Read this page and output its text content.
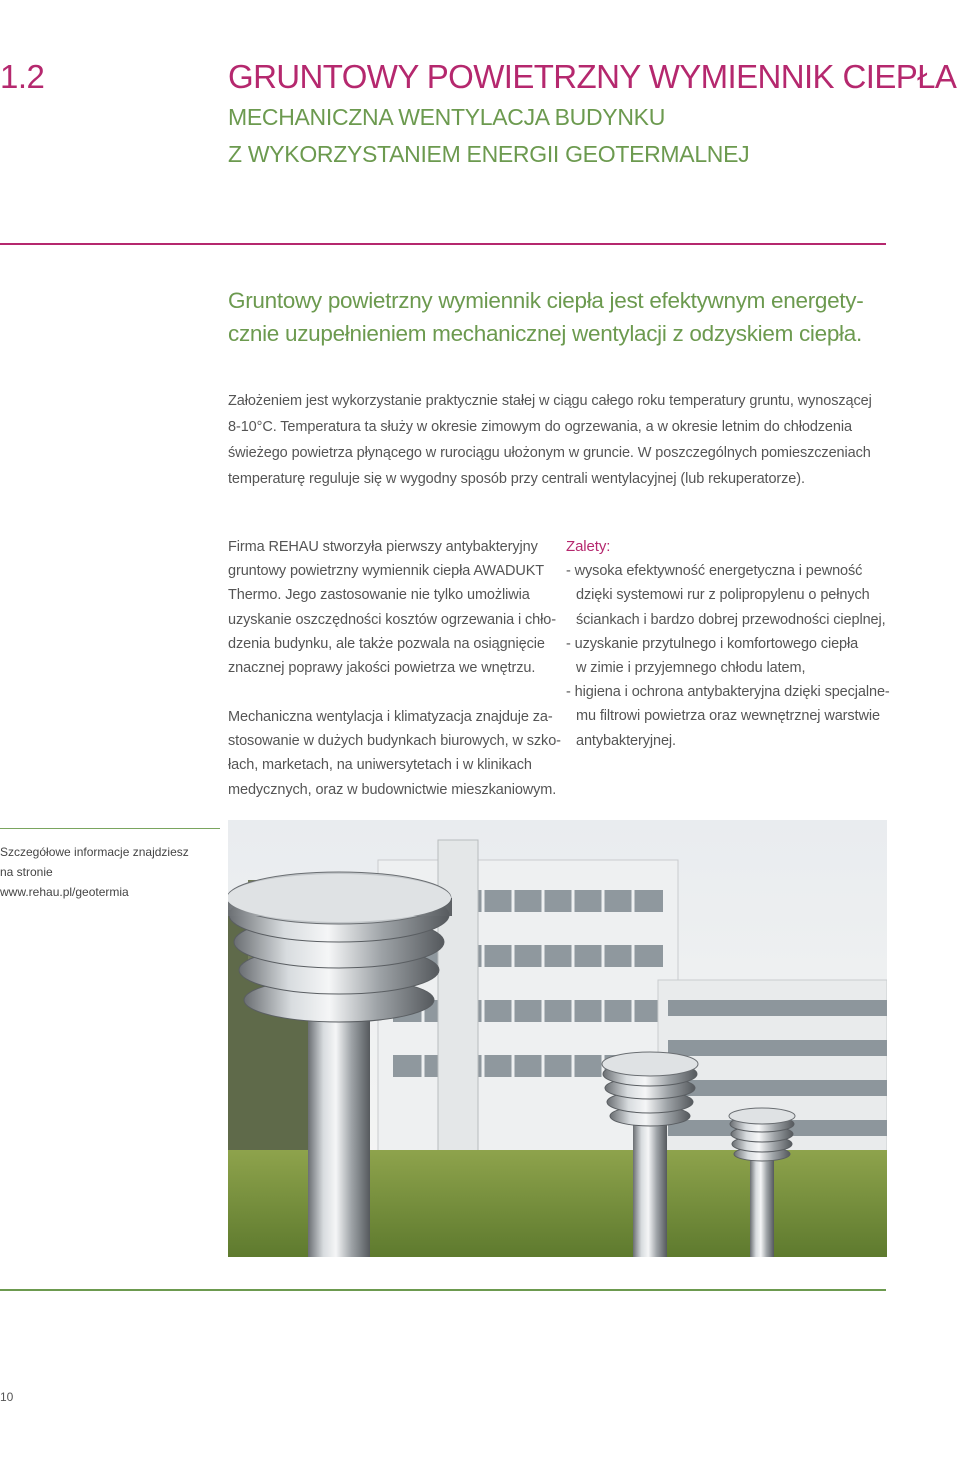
1.2	GRUNTOWY POWIETRZNY WYMIENNIK CIEPŁA
MECHANICZNA WENTYLACJA BUDYNKU
Z WYKORZYSTANIEM ENERGII GEOTERMALNEJ
Gruntowy powietrzny wymiennik ciepła jest efektywnym energety-
cznie uzupełnieniem mechanicznej wentylacji z odzyskiem ciepła.
Założeniem jest wykorzystanie praktycznie stałej w ciągu całego roku temperatury gruntu, wynoszącej
8-10°C. Temperatura ta służy w okresie zimowym do ogrzewania, a w okresie letnim do chłodzenia
świeżego powietrza płynącego w rurociągu ułożonym w gruncie. W poszczególnych pomieszczeniach
temperaturę reguluje się w wygodny sposób przy centrali wentylacyjnej (lub rekuperatorze).
Firma REHAU stworzyła pierwszy antybakteryjny
gruntowy powietrzny wymiennik ciepła AWADUKT
Thermo. Jego zastosowanie nie tylko umożliwia
uzyskanie oszczędności kosztów ogrzewania i chło-
dzenia budynku, ale także pozwala na osiągnięcie
znacznej poprawy jakości powietrza we wnętrzu.
Mechaniczna wentylacja i klimatyzacja znajduje za-
stosowanie w dużych budynkach biurowych, w szko-
łach, marketach, na uniwersytetach i w klinikach
medycznych, oraz w budownictwie mieszkaniowym.
Zalety:
- wysoka efektywność energetyczna i pewność
dzięki systemowi rur z polipropylenu o pełnych
ściankach i bardzo dobrej przewodności cieplnej,
- uzyskanie przytulnego i komfortowego ciepła
w zimie i przyjemnego chłodu latem,
- higiena i ochrona antybakteryjna dzięki specjalne-
mu filtrowi powietrza oraz wewnętrznej warstwie
antybakteryjnej.
Szczegółowe informacje znajdziesz
na stronie
www.rehau.pl/geotermia
10
